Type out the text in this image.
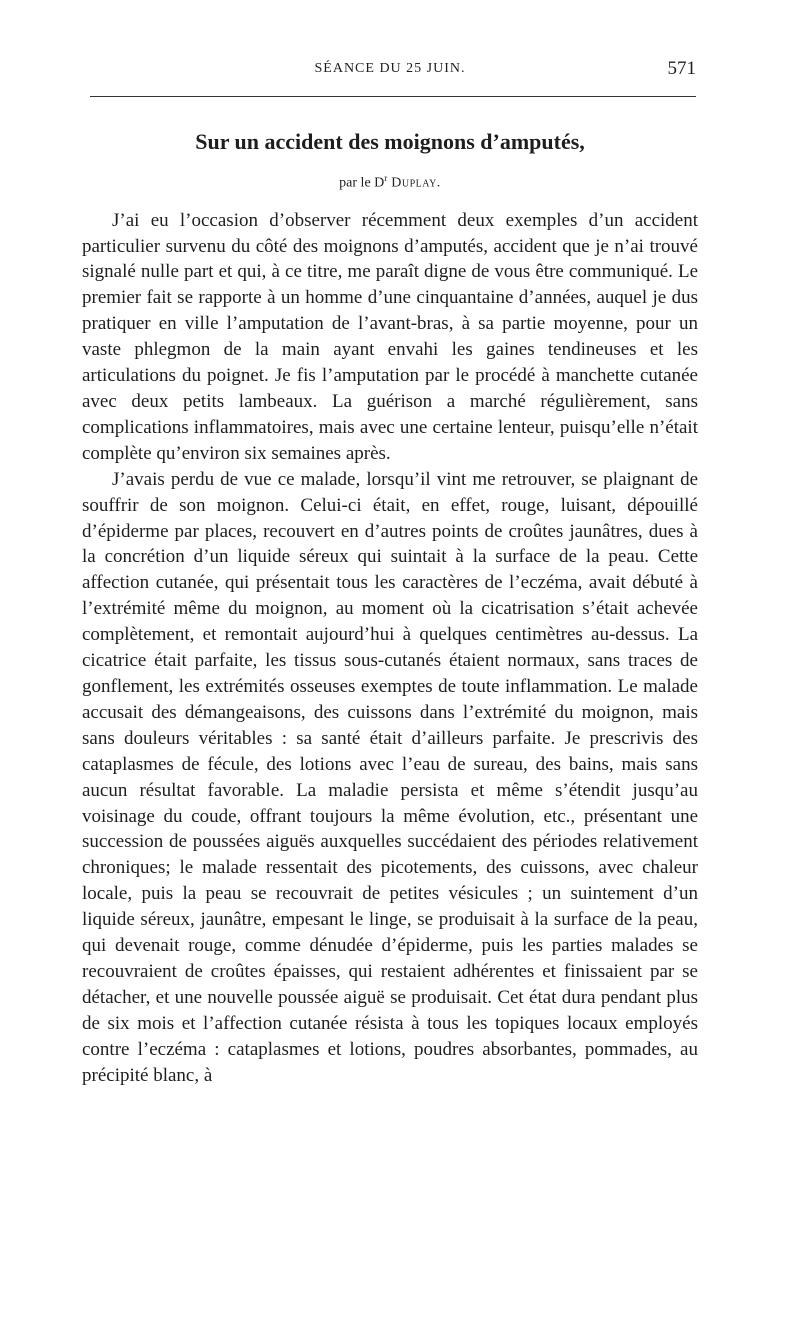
SÉANCE DU 25 JUIN.	571
Sur un accident des moignons d’amputés,
par le $D^r$ Duplay.

J’ai eu l’occasion d’observer récemment deux exemples d’un accident particulier survenu du côté des moignons d’amputés, accident que je n’ai trouvé signalé nulle part et qui, à ce titre, me paraît digne de vous être communiqué. Le premier fait se rapporte à un homme d’une cinquantaine d’années, auquel je dus pratiquer en ville l’amputation de l’avant-bras, à sa partie moyenne, pour un vaste phlegmon de la main ayant envahi les gaines tendineuses et les articulations du poignet. Je fis l’amputation par le procédé à manchette cutanée avec deux petits lambeaux. La guérison a marché régulièrement, sans complications inflammatoires, mais avec une certaine lenteur, puisqu’elle n’était complète qu’environ six semaines après.

J’avais perdu de vue ce malade, lorsqu’il vint me retrouver, se plaignant de souffrir de son moignon. Celui-ci était, en effet, rouge, luisant, dépouillé d’épiderme par places, recouvert en d’autres points de croûtes jaunâtres, dues à la concrétion d’un liquide séreux qui suintait à la surface de la peau. Cette affection cutanée, qui présentait tous les caractères de l’eczéma, avait débuté à l’extrémité même du moignon, au moment où la cicatrisation s’était achevée complètement, et remontait aujourd’hui à quelques centimètres au-dessus. La cicatrice était parfaite, les tissus sous-cutanés étaient normaux, sans traces de gonflement, les extrémités osseuses exemptes de toute inflammation. Le malade accusait des démangeaisons, des cuissons dans l’extrémité du moignon, mais sans douleurs véritables : sa santé était d’ailleurs parfaite. Je prescrivis des cataplasmes de fécule, des lotions avec l’eau de sureau, des bains, mais sans aucun résultat favorable. La maladie persista et même s’étendit jusqu’au voisinage du coude, offrant toujours la même évolution, etc., présentant une succession de poussées aiguës auxquelles succédaient des périodes relativement chroniques; le malade ressentait des picotements, des cuissons, avec chaleur locale, puis la peau se recouvrait de petites vésicules ; un suintement d’un liquide séreux, jaunâtre, empesant le linge, se produisait à la surface de la peau, qui devenait rouge, comme dénudée d’épiderme, puis les parties malades se recouvraient de croûtes épaisses, qui restaient adhérentes et finissaient par se détacher, et une nouvelle poussée aiguë se produisait. Cet état dura pendant plus de six mois et l’affection cutanée résista à tous les topiques locaux employés contre l’eczéma : cataplasmes et lotions, poudres absorbantes, pommades, au précipité blanc, à
